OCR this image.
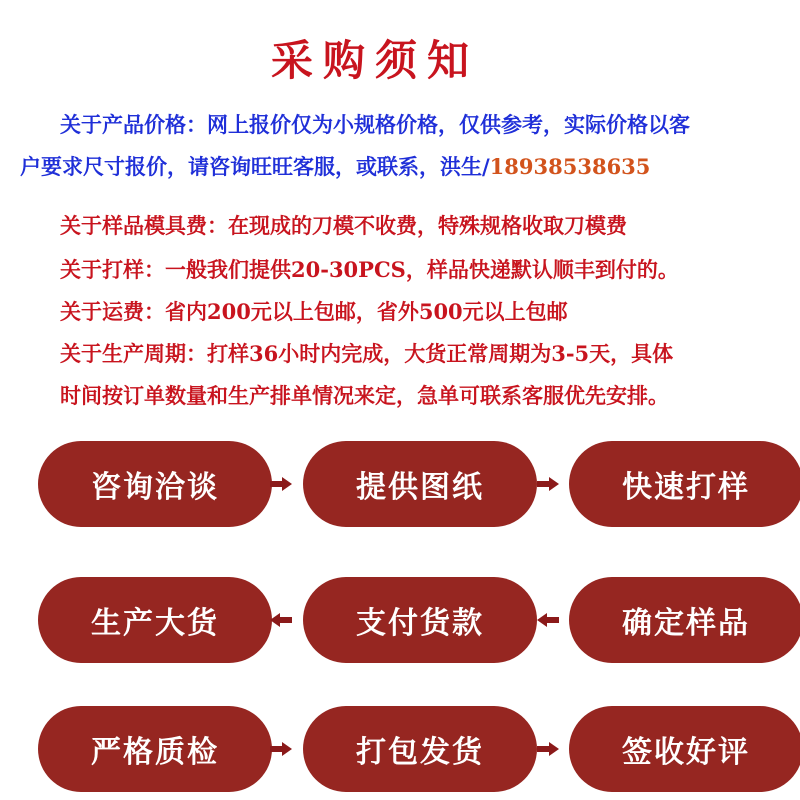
采购须知
关于产品价格：网上报价仅为小规格价格，仅供参考，实际价格以客
户要求尺寸报价，请咨询旺旺客服，或联系，洪生/18938538635
关于样品模具费：在现成的刀模不收费，特殊规格收取刀模费
关于打样：一般我们提供20-30PCS，样品快递默认顺丰到付的。
关于运费：省内200元以上包邮，省外500元以上包邮
关于生产周期：打样36小时内完成，大货正常周期为3-5天，具体
时间按订单数量和生产排单情况来定，急单可联系客服优先安排。
咨询洽谈	提供图纸	快速打样
生产大货	支付货款	确定样品
严格质检	打包发货	签收好评
